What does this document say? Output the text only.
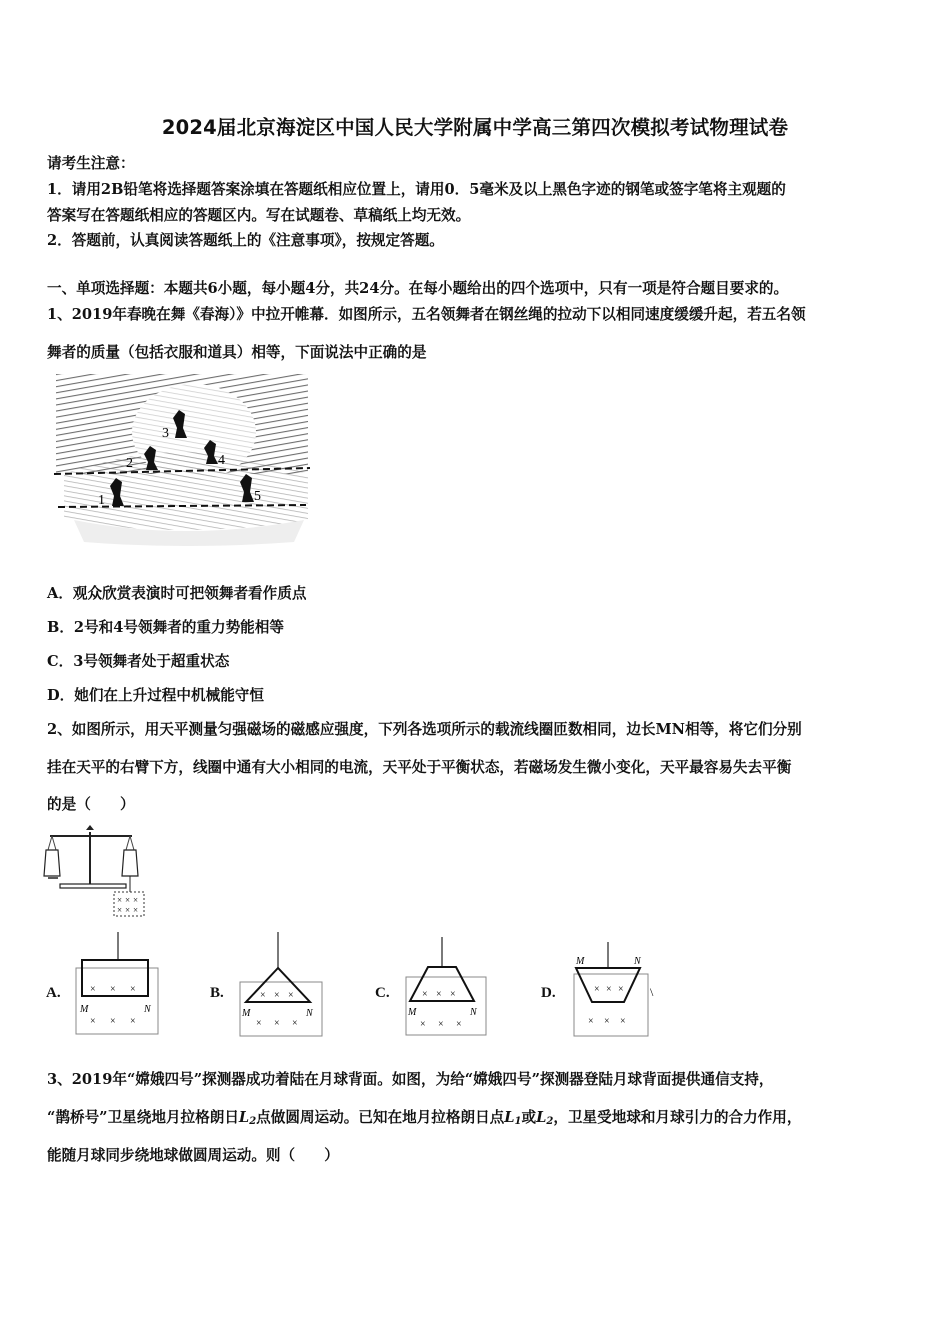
2024届北京海淀区中国人民大学附属中学高三第四次模拟考试物理试卷
请考生注意：
1．请用2B铅笔将选择题答案涂填在答题纸相应位置上，请用0．5毫米及以上黑色字迹的钢笔或签字笔将主观题的
答案写在答题纸相应的答题区内。写在试题卷、草稿纸上均无效。
2．答题前，认真阅读答题纸上的《注意事项》，按规定答题。
一、单项选择题：本题共6小题，每小题4分，共24分。在每小题给出的四个选项中，只有一项是符合题目要求的。
1、2019年春晚在舞《春海）》中拉开帷幕．如图所示，五名领舞者在钢丝绳的拉动下以相同速度缓缓升起，若五名领
舞者的质量（包括衣服和道具）相等，下面说法中正确的是
3
2	4
1	5
A．观众欣赏表演时可把领舞者看作质点
B．2号和4号领舞者的重力势能相等
C．3号领舞者处于超重状态
D．她们在上升过程中机械能守恒
2、如图所示，用天平测量匀强磁场的磁感应强度，下列各选项所示的载流线圈匝数相同，边长MN相等，将它们分别
挂在天平的右臂下方，线圈中通有大小相同的电流，天平处于平衡状态，若磁场发生微小变化，天平最容易失去平衡
的是（　　）
× × ×
× × ×
A.	B.	C.	D.
× × ×
M	N
× × ×
× × ×
M	N
× × ×
× × ×
M	N
× × ×
M	N
× × ×
× × ×
\
3、2019年“嫦娥四号”探测器成功着陆在月球背面。如图，为给“嫦娥四号”探测器登陆月球背面提供通信支持，
“鹊桥号”卫星绕地月拉格朗日$L_2$点做圆周运动。已知在地月拉格朗日点$L_1$或$L_2$，卫星受地球和月球引力的合力作用，
能随月球同步绕地球做圆周运动。则（　　）
